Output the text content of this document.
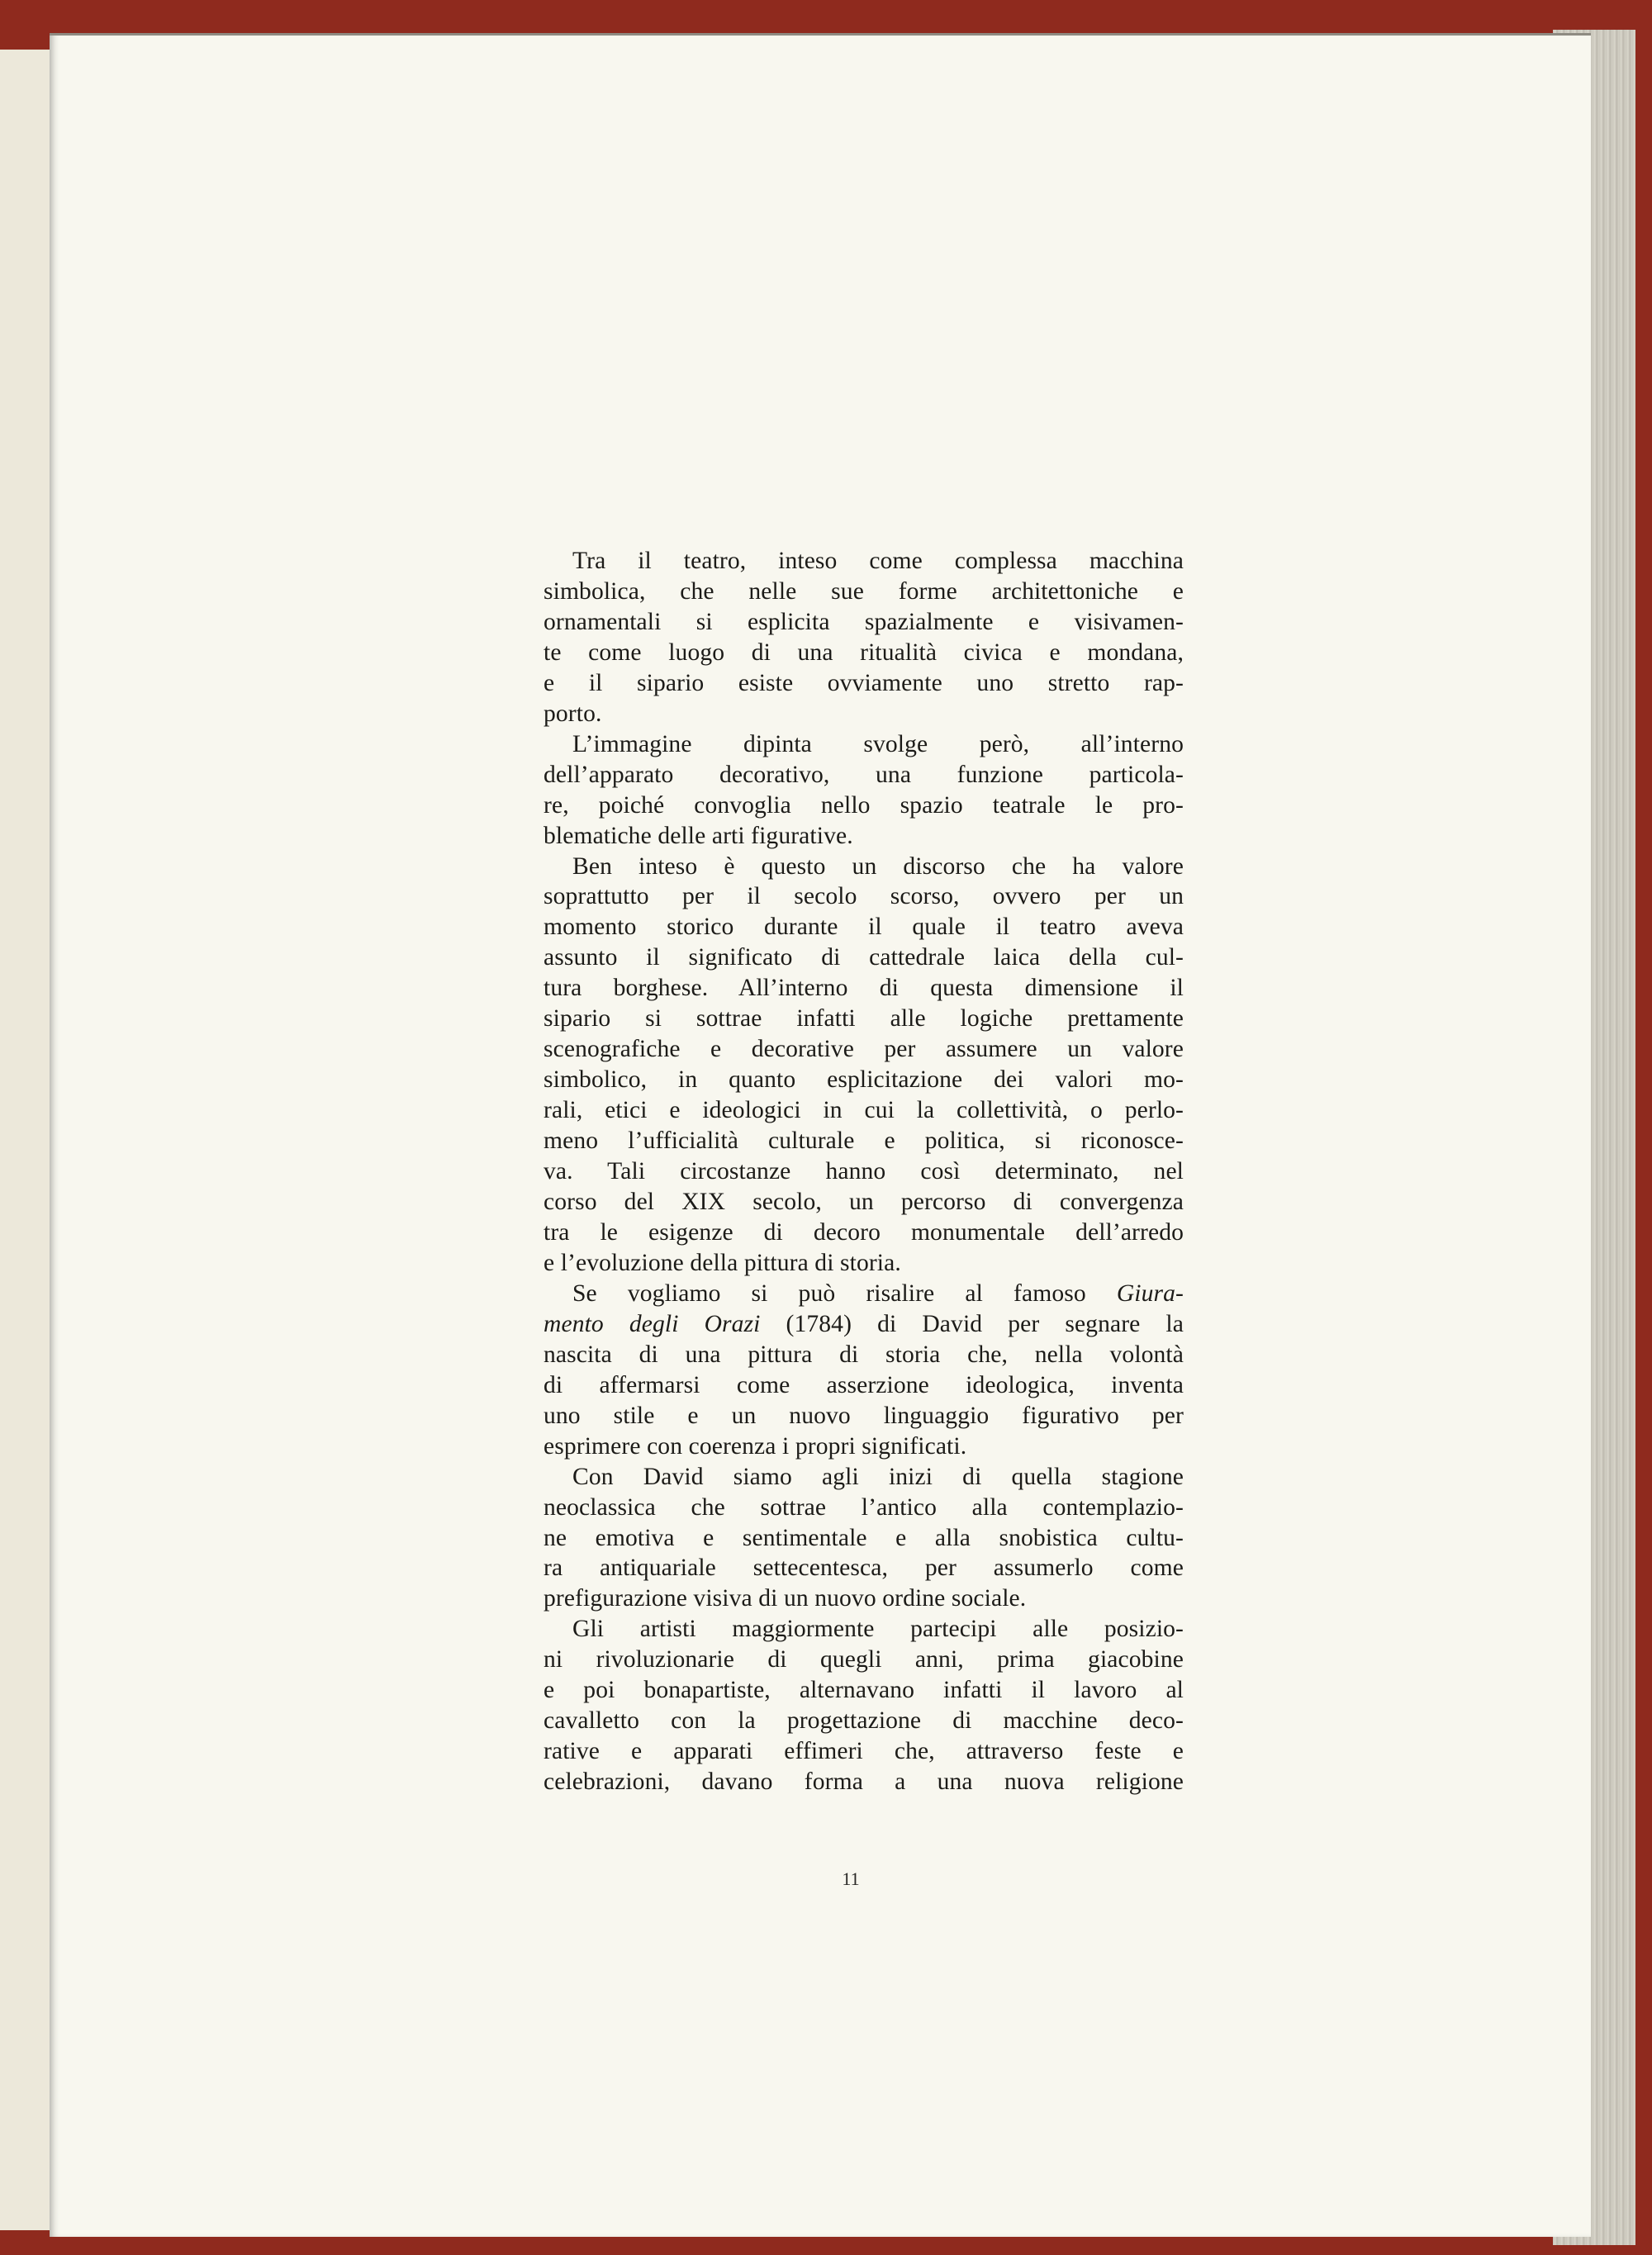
Tra il teatro, inteso come complessa macchina
simbolica, che nelle sue forme architettoniche e
ornamentali si esplicita spazialmente e visivamen-
te come luogo di una ritualità civica e mondana,
e il sipario esiste ovviamente uno stretto rap-
porto.
L’immagine dipinta svolge però, all’interno
dell’apparato decorativo, una funzione particola-
re, poiché convoglia nello spazio teatrale le pro-
blematiche delle arti figurative.
Ben inteso è questo un discorso che ha valore
soprattutto per il secolo scorso, ovvero per un
momento storico durante il quale il teatro aveva
assunto il significato di cattedrale laica della cul-
tura borghese. All’interno di questa dimensione il
sipario si sottrae infatti alle logiche prettamente
scenografiche e decorative per assumere un valore
simbolico, in quanto esplicitazione dei valori mo-
rali, etici e ideologici in cui la collettività, o perlo-
meno l’ufficialità culturale e politica, si riconosce-
va. Tali circostanze hanno così determinato, nel
corso del XIX secolo, un percorso di convergenza
tra le esigenze di decoro monumentale dell’arredo
e l’evoluzione della pittura di storia.
Se vogliamo si può risalire al famoso Giura-
mento degli Orazi (1784) di David per segnare la
nascita di una pittura di storia che, nella volontà
di affermarsi come asserzione ideologica, inventa
uno stile e un nuovo linguaggio figurativo per
esprimere con coerenza i propri significati.
Con David siamo agli inizi di quella stagione
neoclassica che sottrae l’antico alla contemplazio-
ne emotiva e sentimentale e alla snobistica cultu-
ra antiquariale settecentesca, per assumerlo come
prefigurazione visiva di un nuovo ordine sociale.
Gli artisti maggiormente partecipi alle posizio-
ni rivoluzionarie di quegli anni, prima giacobine
e poi bonapartiste, alternavano infatti il lavoro al
cavalletto con la progettazione di macchine deco-
rative e apparati effimeri che, attraverso feste e
celebrazioni, davano forma a una nuova religione
11
